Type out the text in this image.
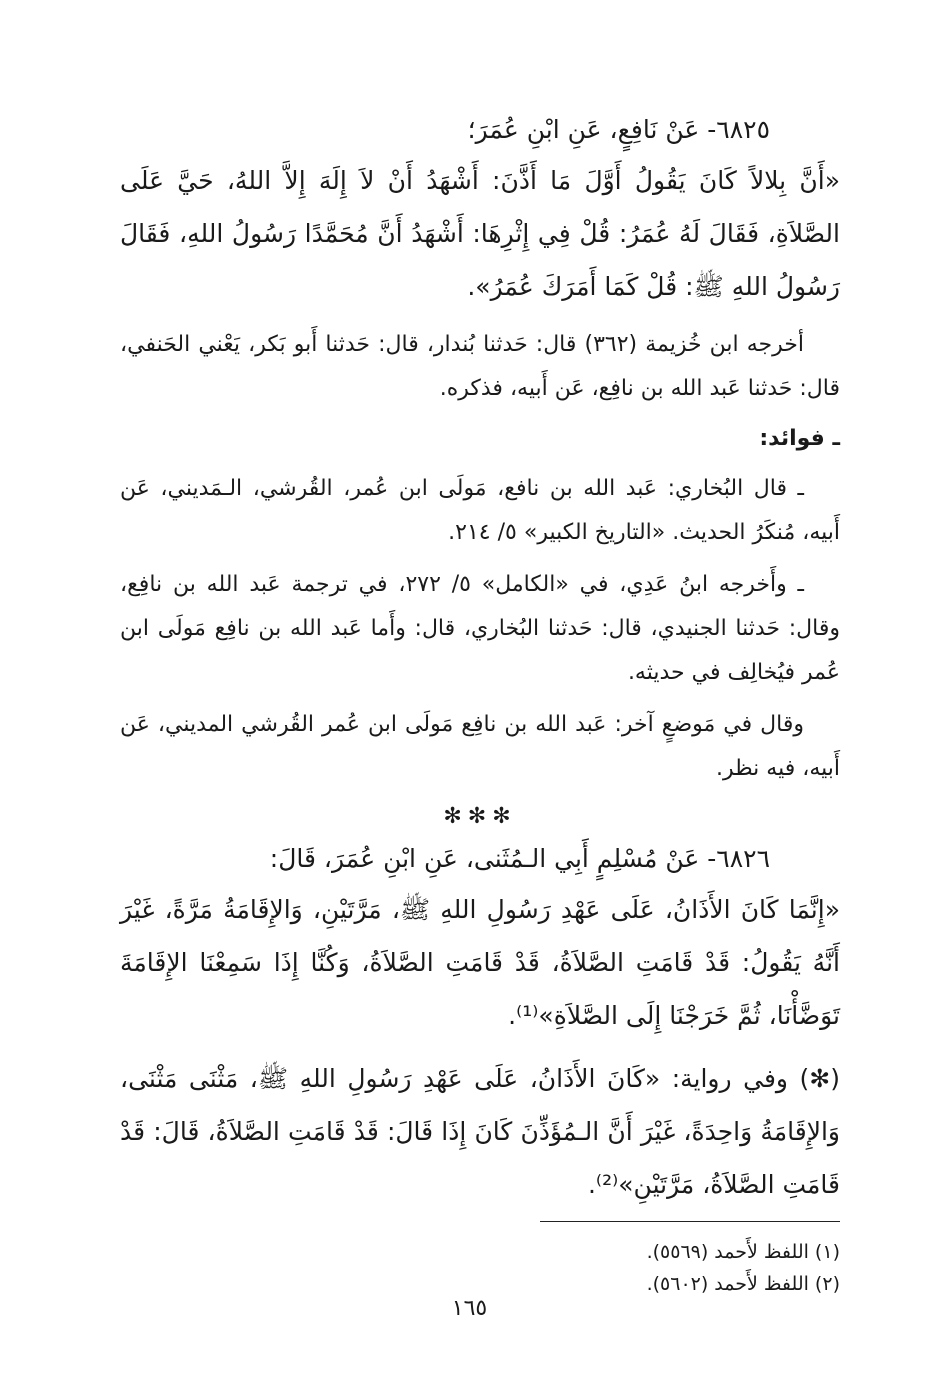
٦٨٢٥- عَنْ نَافِعٍ، عَنِ ابْنِ عُمَرَ؛

«أَنَّ بِلالاً كَانَ يَقُولُ أَوَّلَ مَا أَذَّنَ: أَشْهَدُ أَنْ لاَ إِلَهَ إِلاَّ اللهُ، حَيَّ عَلَى الصَّلاَةِ، فَقَالَ لَهُ عُمَرُ: قُلْ فِي إِثْرِهَا: أَشْهَدُ أَنَّ مُحَمَّدًا رَسُولُ اللهِ، فَقَالَ رَسُولُ اللهِ ﷺ: قُلْ كَمَا أَمَرَكَ عُمَرُ».

أخرجه ابن خُزيمة (٣٦٢) قال: حَدثنا بُندار، قال: حَدثنا أَبو بَكر، يَعْني الحَنفي، قال: حَدثنا عَبد الله بن نافِع، عَن أَبيه، فذكره.

ـ فوائد:

ـ قال البُخاري: عَبد الله بن نافع، مَولَى ابن عُمر، القُرشي، الـمَديني، عَن أَبيه، مُنكَرُ الحديث. «التاريخ الكبير» ٥/ ٢١٤.

ـ وأَخرجه ابنُ عَدِي، في «الكامل» ٥/ ٢٧٢، في ترجمة عَبد الله بن نافِع، وقال: حَدثنا الجنيدي، قال: حَدثنا البُخاري، قال: وأَما عَبد الله بن نافِع مَولَى ابن عُمر فيُخالِف في حديثه.

وقال في مَوضعٍ آخر: عَبد الله بن نافِع مَولَى ابن عُمر القُرشي المديني، عَن أَبيه، فيه نظر.

✻✻✻

٦٨٢٦- عَنْ مُسْلِمٍ أَبِي الـمُثَنى، عَنِ ابْنِ عُمَرَ، قَالَ:

«إِنَّمَا كَانَ الأَذَانُ، عَلَى عَهْدِ رَسُولِ اللهِ ﷺ، مَرَّتَيْنِ، وَالإِقَامَةُ مَرَّةً، غَيْرَ أَنَّهُ يَقُولُ: قَدْ قَامَتِ الصَّلاَةُ، قَدْ قَامَتِ الصَّلاَةُ، وَكُنَّا إِذَا سَمِعْنَا الإِقَامَةَ تَوَضَّأْنَا، ثُمَّ خَرَجْنَا إِلَى الصَّلاَةِ»⁽¹⁾.

(✻) وفي رواية: «كَانَ الأَذَانُ، عَلَى عَهْدِ رَسُولِ اللهِ ﷺ، مَثْنَى مَثْنَى، وَالإِقَامَةُ وَاحِدَةً، غَيْرَ أَنَّ الـمُؤَذِّنَ كَانَ إِذَا قَالَ: قَدْ قَامَتِ الصَّلاَةُ، قَالَ: قَدْ قَامَتِ الصَّلاَةُ، مَرَّتَيْنِ»⁽²⁾.

(١) اللفظ لأَحمد (٥٥٦٩).

(٢) اللفظ لأَحمد (٥٦٠٢).

١٦٥
